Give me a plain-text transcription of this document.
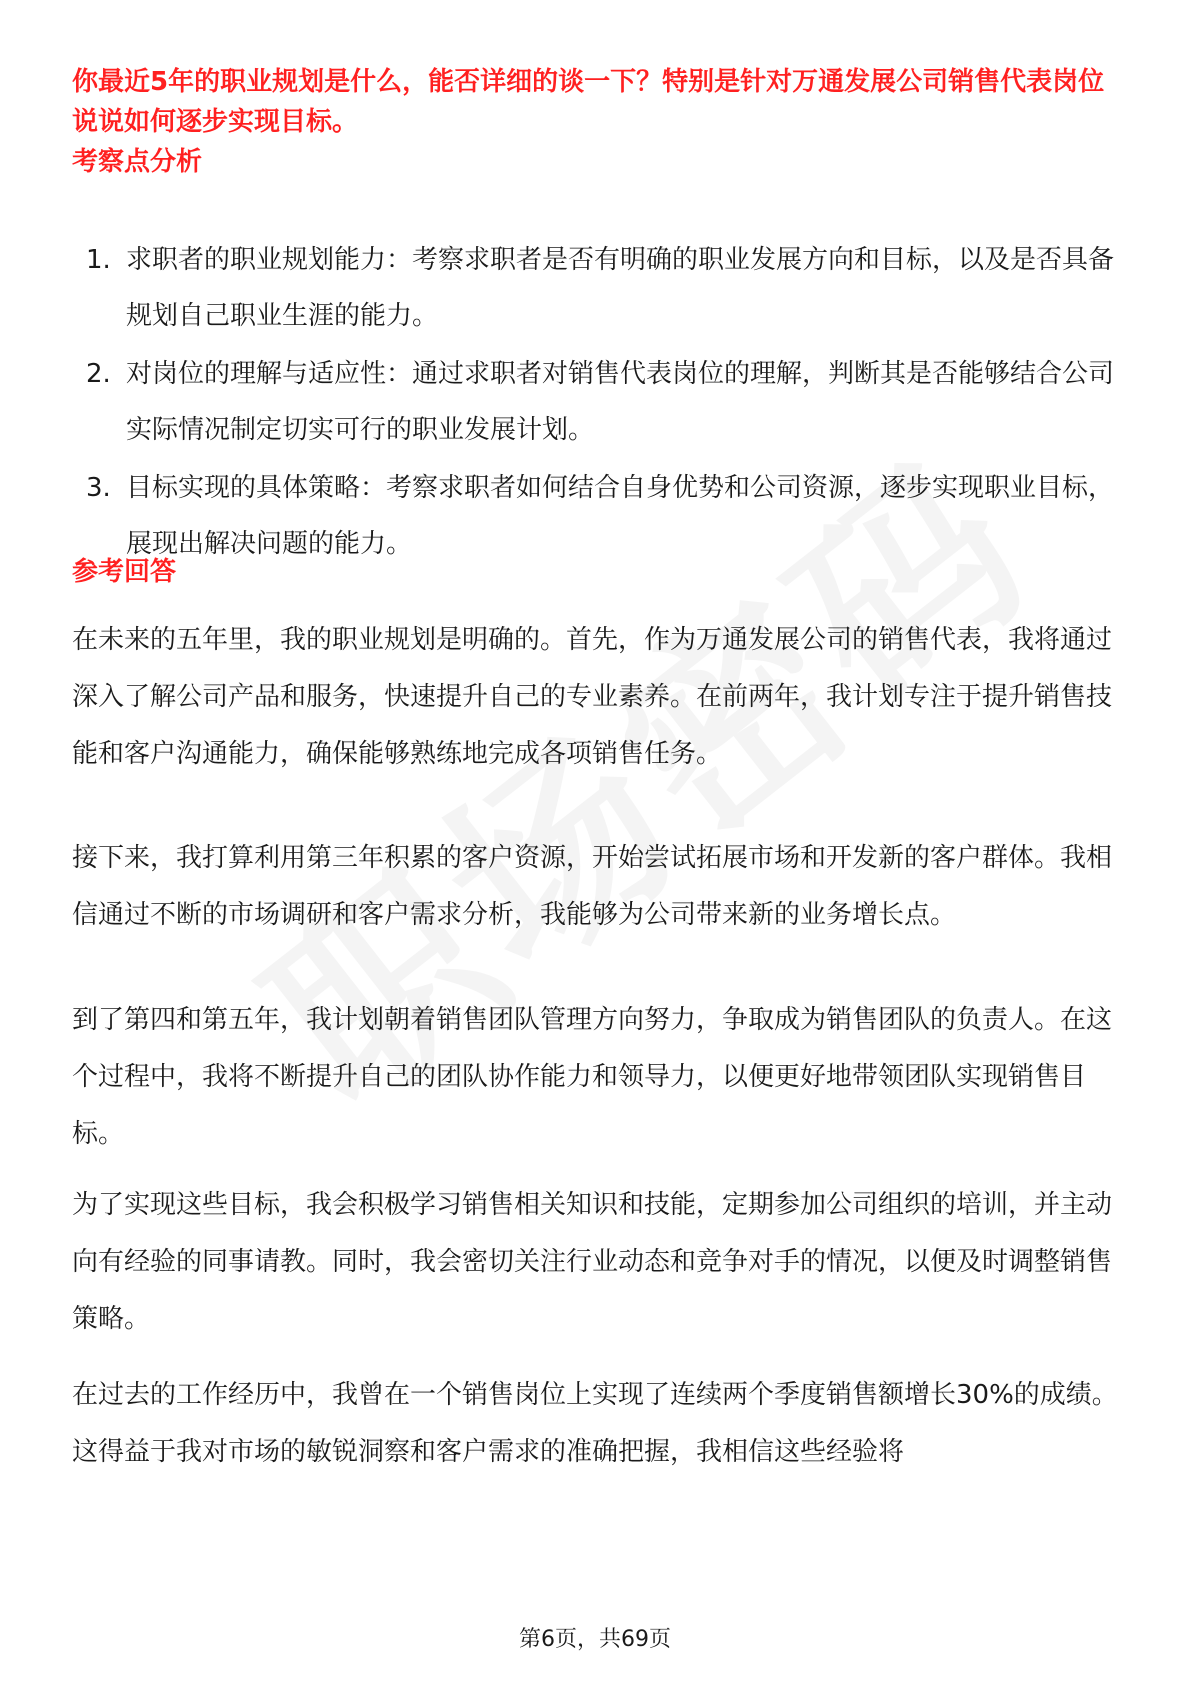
你最近5年的职业规划是什么，能否详细的谈一下？特别是针对万通发展公司销售代表岗位说说如何逐步实现目标。
考察点分析
1. 求职者的职业规划能力：考察求职者是否有明确的职业发展方向和目标，以及是否具备规划自己职业生涯的能力。
2. 对岗位的理解与适应性：通过求职者对销售代表岗位的理解，判断其是否能够结合公司实际情况制定切实可行的职业发展计划。
3. 目标实现的具体策略：考察求职者如何结合自身优势和公司资源，逐步实现职业目标，展现出解决问题的能力。
参考回答

在未来的五年里，我的职业规划是明确的。首先，作为万通发展公司的销售代表，我将通过深入了解公司产品和服务，快速提升自己的专业素养。在前两年，我计划专注于提升销售技能和客户沟通能力，确保能够熟练地完成各项销售任务。

接下来，我打算利用第三年积累的客户资源，开始尝试拓展市场和开发新的客户群体。我相信通过不断的市场调研和客户需求分析，我能够为公司带来新的业务增长点。

到了第四和第五年，我计划朝着销售团队管理方向努力，争取成为销售团队的负责人。在这个过程中，我将不断提升自己的团队协作能力和领导力，以便更好地带领团队实现销售目标。

为了实现这些目标，我会积极学习销售相关知识和技能，定期参加公司组织的培训，并主动向有经验的同事请教。同时，我会密切关注行业动态和竞争对手的情况，以便及时调整销售策略。

在过去的工作经历中，我曾在一个销售岗位上实现了连续两个季度销售额增长30%的成绩。这得益于我对市场的敏锐洞察和客户需求的准确把握，我相信这些经验将

第6页，共69页
